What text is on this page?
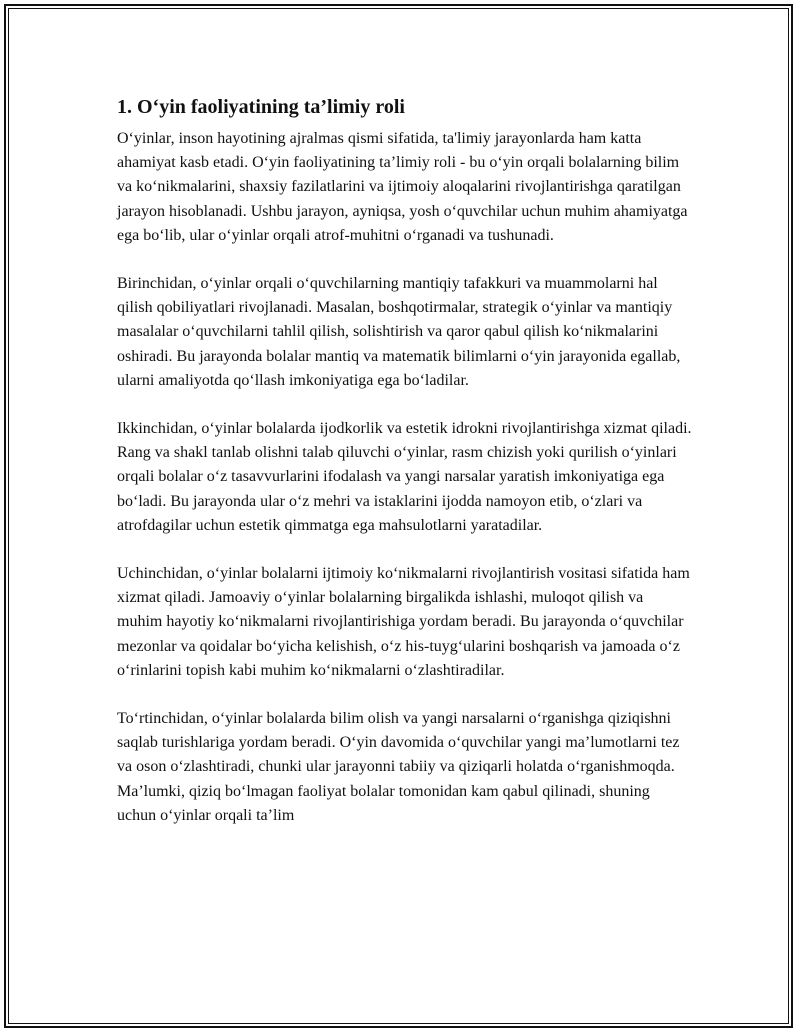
1. O‘yin faoliyatining ta’limiy roli

O‘yinlar, inson hayotining ajralmas qismi sifatida, ta'limiy jarayonlarda ham katta ahamiyat kasb etadi. O‘yin faoliyatining ta’limiy roli - bu o‘yin orqali bolalarning bilim va ko‘nikmalarini, shaxsiy fazilatlarini va ijtimoiy aloqalarini rivojlantirishga qaratilgan jarayon hisoblanadi. Ushbu jarayon, ayniqsa, yosh o‘quvchilar uchun muhim ahamiyatga ega bo‘lib, ular o‘yinlar orqali atrof-muhitni o‘rganadi va tushunadi.

Birinchidan, o‘yinlar orqali o‘quvchilarning mantiqiy tafakkuri va muammolarni hal qilish qobiliyatlari rivojlanadi. Masalan, boshqotirmalar, strategik o‘yinlar va mantiqiy masalalar o‘quvchilarni tahlil qilish, solishtirish va qaror qabul qilish ko‘nikmalarini oshiradi. Bu jarayonda bolalar mantiq va matematik bilimlarni o‘yin jarayonida egallab, ularni amaliyotda qo‘llash imkoniyatiga ega bo‘ladilar.

Ikkinchidan, o‘yinlar bolalarda ijodkorlik va estetik idrokni rivojlantirishga xizmat qiladi. Rang va shakl tanlab olishni talab qiluvchi o‘yinlar, rasm chizish yoki qurilish o‘yinlari orqali bolalar o‘z tasavvurlarini ifodalash va yangi narsalar yaratish imkoniyatiga ega bo‘ladi. Bu jarayonda ular o‘z mehri va istaklarini ijodda namoyon etib, o‘zlari va atrofdagilar uchun estetik qimmatga ega mahsulotlarni yaratadilar.

Uchinchidan, o‘yinlar bolalarni ijtimoiy ko‘nikmalarni rivojlantirish vositasi sifatida ham xizmat qiladi. Jamoaviy o‘yinlar bolalarning birgalikda ishlashi, muloqot qilish va muhim hayotiy ko‘nikmalarni rivojlantirishiga yordam beradi. Bu jarayonda o‘quvchilar mezonlar va qoidalar bo‘yicha kelishish, o‘z his-tuyg‘ularini boshqarish va jamoada o‘z o‘rinlarini topish kabi muhim ko‘nikmalarni o‘zlashtiradilar.

To‘rtinchidan, o‘yinlar bolalarda bilim olish va yangi narsalarni o‘rganishga qiziqishni saqlab turishlariga yordam beradi. O‘yin davomida o‘quvchilar yangi ma’lumotlarni tez va oson o‘zlashtiradi, chunki ular jarayonni tabiiy va qiziqarli holatda o‘rganishmoqda. Ma’lumki, qiziq bo‘lmagan faoliyat bolalar tomonidan kam qabul qilinadi, shuning uchun o‘yinlar orqali ta’lim
